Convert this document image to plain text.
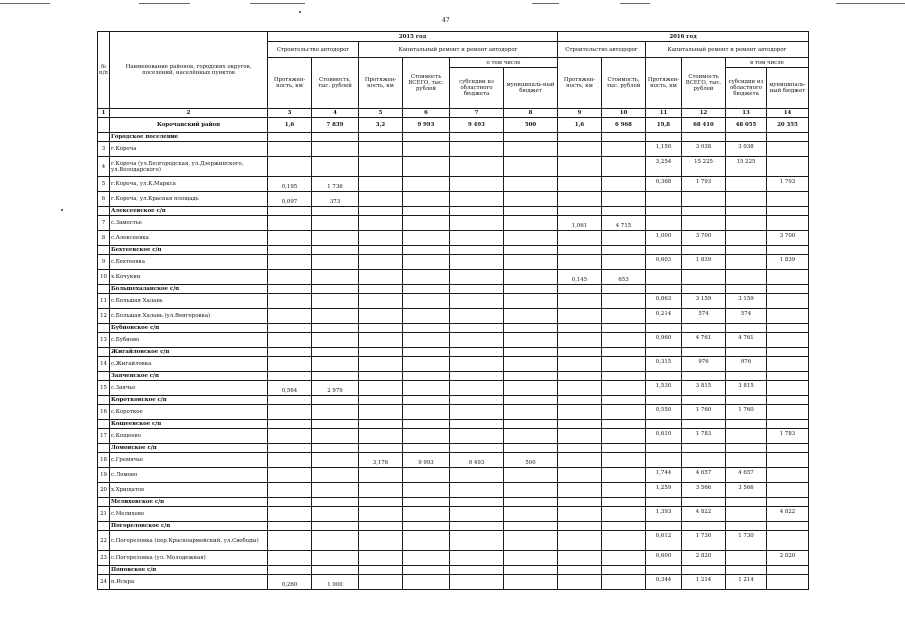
47
№ п/п	Наименование районов, городских округов, поселений, населённых пунктов	2015 год						2016 год					
		Строительство автодорог		Капитальный ремонт и ремонт автодорог				Строительство автодорог		Капитальный ремонт и ремонт автодорог			
		Протяжен-ность, км	Стоимость, тыс. рублей	Протяжен-ность, км	Стоимость ВСЕГО, тыс. рублей	о том числе		Протяжен-ность, км	Стоимость, тыс. рублей	Протяжен-ность, км	Стоимость ВСЕГО, тыс. рублей	в том числе	
						субсидии из областного бюджета	муниципаль-ный бюджет					субсидии из областного бюджета	муниципаль-ный бюджет
1	2	3	4	5	6	7	8	9	10	11	12	13	14
	Корочанский район	1,6	7 839	3,2	9 993	9 493	500	1,6	6 968	19,8	68 410	48 055	20 355
	Городское поселение												
3	г.Короча									1,150	3 038	3 038	
4	г.Короча (ул.Белгородская, ул.Дзержинского, ул.Володарского)									3,254	15 225	15 225	
5	г.Короча, ул.К.Маркса	0,195	1 736							0,368	1 793		1 793
6	г.Короча, ул.Красная площадь	0,097	373										
	Алексеевское с/п												
7	с.Замостье							1,061	4 715				
8	с.Алексеевка									1,000	3 700		3 700
	Бехтеевское с/п												
9	с.Бехтеевка									0,603	1 839		1 839
10	х.Кочукин							0,145	653				
	Большехаланское с/п												
11	с.Большая Халань									0,863	3 159	3 159	
12	с.Большая Халань (ул.Венгеровка)									0,214	574	574	
	Бубновское с/п												
13	с.Бубново									0,960	4 761	4 761	
	Жигайловское с/п												
14	с.Жигайловка									0,315	976	976	
	Заяченское с/п												
15	с.Заячье	0,564	2 979							1,530	3 815	3 815	
	Коротковское с/п												
16	с.Короткое									0,550	1 760	1 760	
	Кощеевское с/п												
17	с.Кощеево									0,610	1 783		1 783
	Ломовское с/п												
18	с.Гремячье			3,176	9 993	9 493	500						
19	с.Ломово									1,744	4 657	4 657	
20	х.Хрищатое									1,259	3 566	3 566	
	Мелиховское с/п												
21	с.Мелихово									1,393	4 822		4 822
	Погореловское с/п												
22	с.Погореловка (пер.Красноармейский, ул.Свободы)									0,612	1 730	1 730	
23	с.Погореловка (ул. Молодежная)									0,600	2 820		2 820
	Поповское с/п												
24	п.Искра	0,260	1 000							0,344	1 214	1 214	
